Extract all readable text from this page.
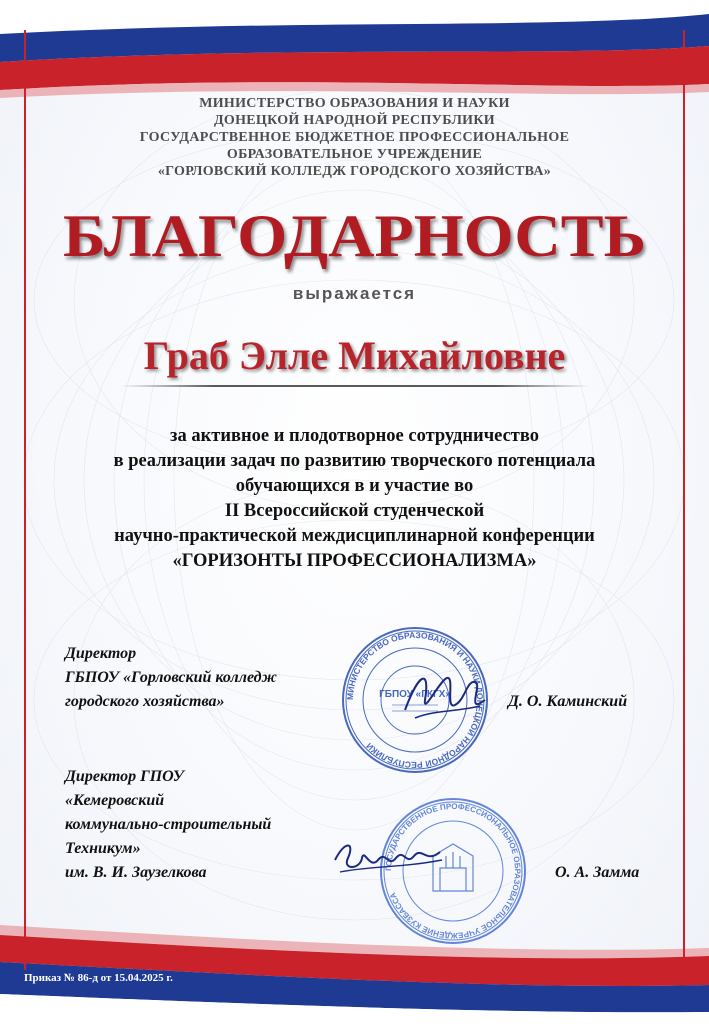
МИНИСТЕРСТВО ОБРАЗОВАНИЯ И НАУКИ
ДОНЕЦКОЙ НАРОДНОЙ РЕСПУБЛИКИ
ГОСУДАРСТВЕННОЕ БЮДЖЕТНОЕ ПРОФЕССИОНАЛЬНОЕ
ОБРАЗОВАТЕЛЬНОЕ УЧРЕЖДЕНИЕ
«ГОРЛОВСКИЙ КОЛЛЕДЖ ГОРОДСКОГО ХОЗЯЙСТВА»
БЛАГОДАРНОСТЬ
выражается
Граб Элле Михайловне
за активное и плодотворное сотрудничество
в реализации задач по развитию творческого потенциала
обучающихся в и участие во
II Всероссийской студенческой
научно-практической междисциплинарной конференции
«ГОРИЗОНТЫ ПРОФЕССИОНАЛИЗМА»
МИНИСТЕРСТВО ОБРАЗОВАНИЯ И НАУКИ ДОНЕЦКОЙ НАРОДНОЙ РЕСПУБЛИКИ
ГБПОУ «ГКГХ»
Директор
ГБПОУ «Горловский колледж
городского хозяйства»	Д. О. Каминский
ГОСУДАРСТВЕННОЕ ПРОФЕССИОНАЛЬНОЕ ОБРАЗОВАТЕЛЬНОЕ УЧРЕЖДЕНИЕ КУЗБАССА
Директор ГПОУ
«Кемеровский
коммунально-строительный
Техникум»
им. В. И. Заузелкова	О. А. Замма
Приказ № 86-д от 15.04.2025 г.
